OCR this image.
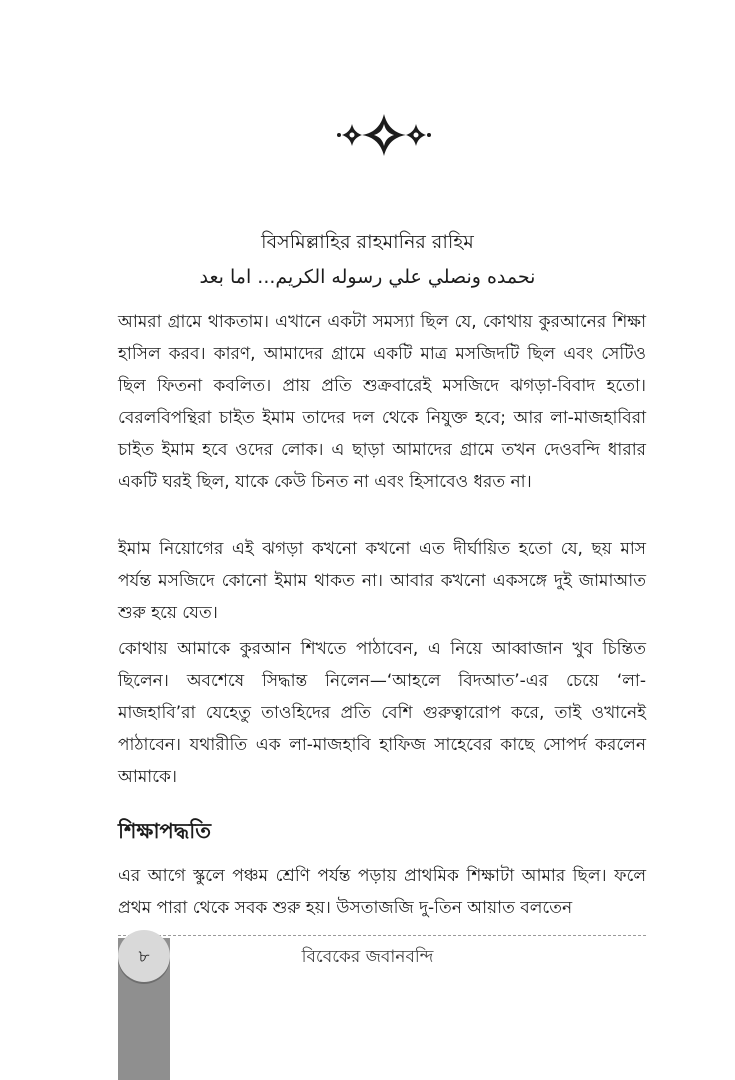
বিসমিল্লাহির রাহমানির রাহিম
نحمده ونصلي علي رسوله الكريم... اما بعد

আমরা গ্রামে থাকতাম। এখানে একটা সমস্যা ছিল যে, কোথায় কুরআনের শিক্ষা হাসিল করব। কারণ, আমাদের গ্রামে একটি মাত্র মসজিদটি ছিল এবং সেটিও ছিল ফিতনা কবলিত। প্রায় প্রতি শুক্রবারেই মসজিদে ঝগড়া-বিবাদ হতো। বেরলবিপন্থিরা চাইত ইমাম তাদের দল থেকে নিযুক্ত হবে; আর লা-মাজহাবিরা চাইত ইমাম হবে ওদের লোক। এ ছাড়া আমাদের গ্রামে তখন দেওবন্দি ধারার একটি ঘরই ছিল, যাকে কেউ চিনত না এবং হিসাবেও ধরত না।

ইমাম নিয়োগের এই ঝগড়া কখনো কখনো এত দীর্ঘায়িত হতো যে, ছয় মাস পর্যন্ত মসজিদে কোনো ইমাম থাকত না। আবার কখনো একসঙ্গে দুই জামাআত শুরু হয়ে যেত।

কোথায় আমাকে কুরআন শিখতে পাঠাবেন, এ নিয়ে আব্বাজান খুব চিন্তিত ছিলেন। অবশেষে সিদ্ধান্ত নিলেন—‘আহলে বিদআত’-এর চেয়ে ‘লা-মাজহাবি’রা যেহেতু তাওহিদের প্রতি বেশি গুরুত্বারোপ করে, তাই ওখানেই পাঠাবেন। যথারীতি এক লা-মাজহাবি হাফিজ সাহেবের কাছে সোপর্দ করলেন আমাকে।

শিক্ষাপদ্ধতি

এর আগে স্কুলে পঞ্চম শ্রেণি পর্যন্ত পড়ায় প্রাথমিক শিক্ষাটা আমার ছিল। ফলে প্রথম পারা থেকে সবক শুরু হয়। উসতাজজি দু-তিন আয়াত বলতেন

৮	বিবেকের জবানবন্দি
